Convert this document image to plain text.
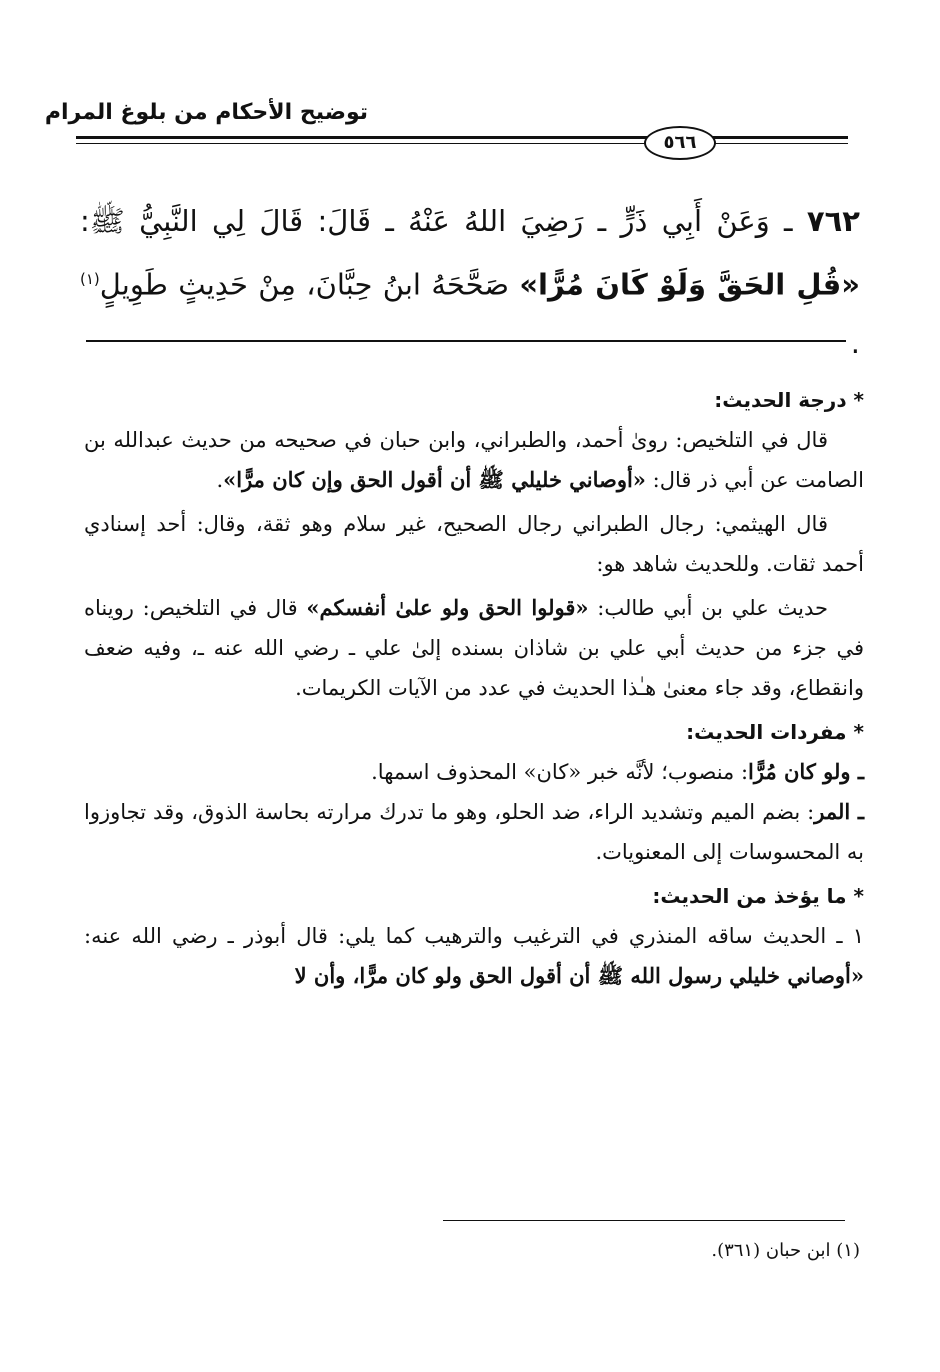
توضيح الأحكام من بلوغ المرام
٥٦٦
٧٦٢ ـ وَعَنْ أَبِي ذَرٍّ ـ رَضِيَ اللهُ عَنْهُ ـ قَالَ: قَالَ لِي النَّبِيُّ ﷺ: «قُلِ الحَقَّ وَلَوْ كَانَ مُرًّا» صَحَّحَهُ ابنُ حِبَّانَ، مِنْ حَدِيثٍ طَوِيلٍ$^{(١)}$ .

* درجة الحديث:

قال في التلخيص: روىٰ أحمد، والطبراني، وابن حبان في صحيحه من حديث عبدالله بن الصامت عن أبي ذر قال: «أوصاني خليلي ﷺ أن أقول الحق وإن كان مرًّا».

قال الهيثمي: رجال الطبراني رجال الصحيح، غير سلام وهو ثقة، وقال: أحد إسنادي أحمد ثقات. وللحديث شاهد هو:

حديث علي بن أبي طالب: «قولوا الحق ولو علىٰ أنفسكم» قال في التلخيص: رويناه في جزء من حديث أبي علي بن شاذان بسنده إلىٰ علي ـ رضي الله عنه ـ، وفيه ضعف وانقطاع، وقد جاء معنىٰ هـٰذا الحديث في عدد من الآيات الكريمات.

* مفردات الحديث:

ـ ولو كان مُرًّا: منصوب؛ لأنَّه خبر «كان» المحذوف اسمها.

ـ المر: بضم الميم وتشديد الراء، ضد الحلو، وهو ما تدرك مرارته بحاسة الذوق، وقد تجاوزوا به المحسوسات إلى المعنويات.

* ما يؤخذ من الحديث:

١ ـ الحديث ساقه المنذري في الترغيب والترهيب كما يلي: قال أبوذر ـ رضي الله عنه: «أوصاني خليلي رسول الله ﷺ أن أقول الحق ولو كان مرًّا، وأن لا

(١) ابن حبان (٣٦١).
